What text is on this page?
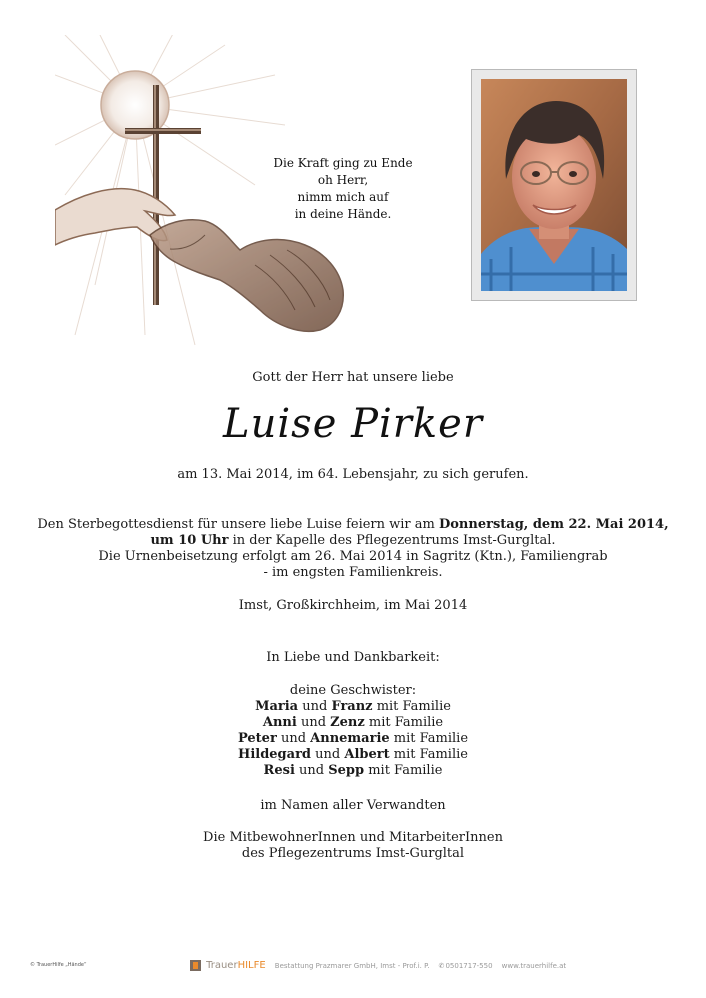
Die Kraft ging zu Ende
oh Herr,
nimm mich auf
in deine Hände.
Gott der Herr hat unsere liebe
Luise Pirker
am 13. Mai 2014, im 64. Lebensjahr, zu sich gerufen.
Den Sterbegottesdienst für unsere liebe Luise feiern wir am Donnerstag, dem 22. Mai 2014,
um 10 Uhr in der Kapelle des Pflegezentrums Imst-Gurgltal.
Die Urnenbeisetzung erfolgt am 26. Mai 2014 in Sagritz (Ktn.), Familiengrab
- im engsten Familienkreis.
Imst, Großkirchheim, im Mai 2014
In Liebe und Dankbarkeit:
deine Geschwister:
Maria und Franz mit Familie
Anni und Zenz mit Familie
Peter und Annemarie mit Familie
Hildegard und Albert mit Familie
Resi und Sepp mit Familie
im Namen aller Verwandten
Die MitbewohnerInnen und MitarbeiterInnen
des Pflegezentrums Imst-Gurgltal
© TrauerHilfe „Hände“	TrauerHILFE Bestattung Prazmarer GmbH, Imst - Prof.i. P. ✆0501717-550 www.trauerhilfe.at
